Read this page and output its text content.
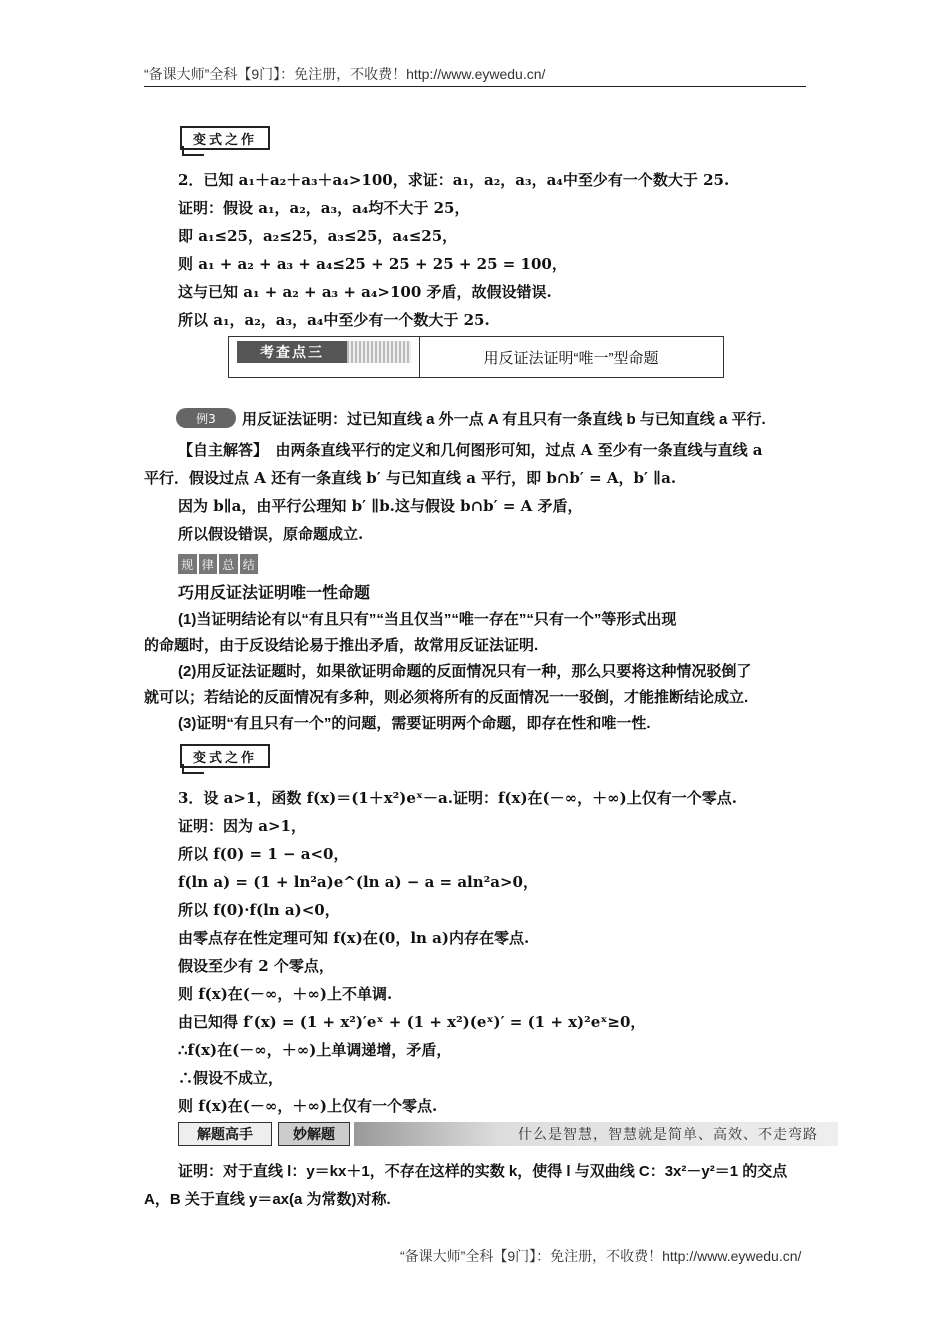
“备课大师”全科【9门】：免注册，不收费！http://www.eywedu.cn/
变式之作
2．已知 a₁＋a₂＋a₃＋a₄>100，求证：a₁，a₂，a₃，a₄中至少有一个数大于 25.
证明：假设 a₁，a₂，a₃，a₄均不大于 25，
即 a₁≤25，a₂≤25，a₃≤25，a₄≤25，
则 a₁ + a₂ + a₃ + a₄≤25 + 25 + 25 + 25 = 100，
这与已知 a₁ + a₂ + a₃ + a₄>100 矛盾，故假设错误.
所以 a₁，a₂，a₃，a₄中至少有一个数大于 25.
考查点三	用反证法证明“唯一”型命题
例3	用反证法证明：过已知直线 a 外一点 A 有且只有一条直线 b 与已知直线 a 平行.
【自主解答】　由两条直线平行的定义和几何图形可知，过点 A 至少有一条直线与直线 a
平行．假设过点 A 还有一条直线 b′ 与已知直线 a 平行，即 b∩b′ = A，b′ ∥a.
因为 b∥a，由平行公理知 b′ ∥b.这与假设 b∩b′ = A 矛盾，
所以假设错误，原命题成立.
规 律 总 结
巧用反证法证明唯一性命题
(1)当证明结论有以“有且只有”“当且仅当”“唯一存在”“只有一个”等形式出现
的命题时，由于反设结论易于推出矛盾，故常用反证法证明.
(2)用反证法证题时，如果欲证明命题的反面情况只有一种，那么只要将这种情况驳倒了
就可以；若结论的反面情况有多种，则必须将所有的反面情况一一驳倒，才能推断结论成立.
(3)证明“有且只有一个”的问题，需要证明两个命题，即存在性和唯一性.
变式之作
3．设 a>1，函数 f(x)＝(1＋x²)eˣ－a.证明：f(x)在(－∞，＋∞)上仅有一个零点.
证明：因为 a>1，
所以 f(0) = 1 − a<0，
f(ln a) = (1 + ln²a)e^(ln a) − a = aln²a>0，
所以 f(0)·f(ln a)<0，
由零点存在性定理可知 f(x)在(0，ln a)内存在零点.
假设至少有 2 个零点，
则 f(x)在(－∞，＋∞)上不单调.
由已知得 f′(x) = (1 + x²)′eˣ + (1 + x²)(eˣ)′ = (1 + x)²eˣ≥0，
∴f(x)在(－∞，＋∞)上单调递增，矛盾，
∴假设不成立，
则 f(x)在(－∞，＋∞)上仅有一个零点.
解题高手	妙解题	什么是智慧，智慧就是简单、高效、不走弯路
证明：对于直线 l：y＝kx＋1，不存在这样的实数 k，使得 l 与双曲线 C：3x²－y²＝1 的交点
A，B 关于直线 y＝ax(a 为常数)对称.
“备课大师”全科【9门】：免注册，不收费！http://www.eywedu.cn/
